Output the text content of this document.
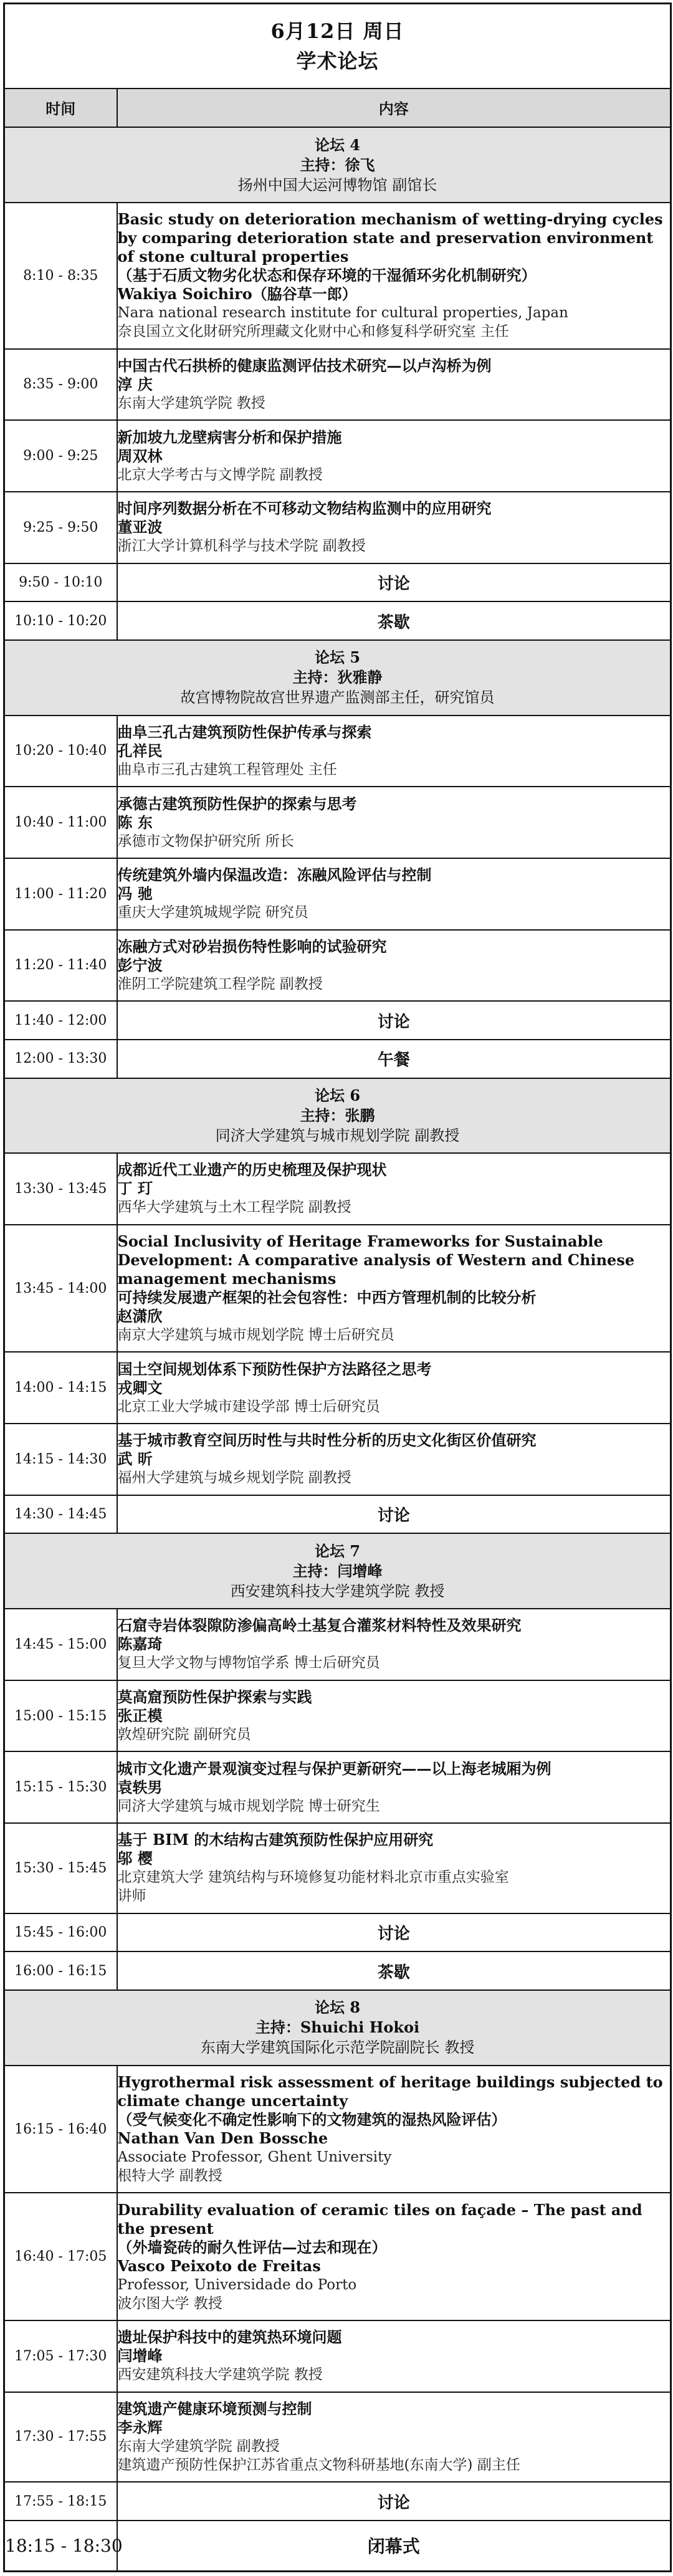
6月12日 周日
学术论坛	

时间	内容

论坛 4
主持：徐飞
扬州中国大运河博物馆 副馆长	

8:10 - 8:35	Basic study on deterioration mechanism of wetting-drying cycles by comparing deterioration state and preservation environment of stone cultural properties
（基于石质文物劣化状态和保存环境的干湿循环劣化机制研究）
Wakiya Soichiro（脇谷草一郎）
Nara national research institute for cultural properties, Japan
奈良国立文化財研究所理藏文化财中心和修复科学研究室 主任

8:35 - 9:00	中国古代石拱桥的健康监测评估技术研究—以卢沟桥为例
淳 庆
东南大学建筑学院 教授

9:00 - 9:25	新加坡九龙壁病害分析和保护措施
周双林
北京大学考古与文博学院 副教授

9:25 - 9:50	时间序列数据分析在不可移动文物结构监测中的应用研究
董亚波
浙江大学计算机科学与技术学院 副教授

9:50 - 10:10	讨论
10:10 - 10:20	茶歇

论坛 5
主持：狄雅静
故宫博物院故宫世界遗产监测部主任，研究馆员	

10:20 - 10:40	曲阜三孔古建筑预防性保护传承与探索
孔祥民
曲阜市三孔古建筑工程管理处 主任

10:40 - 11:00	承德古建筑预防性保护的探索与思考
陈 东
承德市文物保护研究所 所长

11:00 - 11:20	传统建筑外墙内保温改造：冻融风险评估与控制
冯 驰
重庆大学建筑城规学院 研究员

11:20 - 11:40	冻融方式对砂岩损伤特性影响的试验研究
彭宁波
淮阴工学院建筑工程学院 副教授

11:40 - 12:00	讨论
12:00 - 13:30	午餐

论坛 6
主持：张鹏
同济大学建筑与城市规划学院 副教授	

13:30 - 13:45	成都近代工业遗产的历史梳理及保护现状
丁 玎
西华大学建筑与土木工程学院 副教授

13:45 - 14:00	Social Inclusivity of Heritage Frameworks for Sustainable Development: A comparative analysis of Western and Chinese management mechanisms
可持续发展遗产框架的社会包容性：中西方管理机制的比较分析
赵潇欣
南京大学建筑与城市规划学院 博士后研究员

14:00 - 14:15	国土空间规划体系下预防性保护方法路径之思考
戎卿文
北京工业大学城市建设学部 博士后研究员

14:15 - 14:30	基于城市教育空间历时性与共时性分析的历史文化街区价值研究
武 昕
福州大学建筑与城乡规划学院 副教授

14:30 - 14:45	讨论

论坛 7
主持：闫增峰
西安建筑科技大学建筑学院 教授	

14:45 - 15:00	石窟寺岩体裂隙防渗偏高岭土基复合灌浆材料特性及效果研究
陈嘉琦
复旦大学文物与博物馆学系 博士后研究员

15:00 - 15:15	莫高窟预防性保护探索与实践
张正模
敦煌研究院 副研究员

15:15 - 15:30	城市文化遗产景观演变过程与保护更新研究——以上海老城厢为例
袁轶男
同济大学建筑与城市规划学院 博士研究生

15:30 - 15:45	基于 BIM 的木结构古建筑预防性保护应用研究
邬 樱
北京建筑大学 建筑结构与环境修复功能材料北京市重点实验室
讲师

15:45 - 16:00	讨论
16:00 - 16:15	茶歇

论坛 8
主持：Shuichi Hokoi
东南大学建筑国际化示范学院副院长 教授	

16:15 - 16:40	Hygrothermal risk assessment of heritage buildings subjected to climate change uncertainty
（受气候变化不确定性影响下的文物建筑的湿热风险评估）
Nathan Van Den Bossche
Associate Professor, Ghent University
根特大学 副教授

16:40 - 17:05	Durability evaluation of ceramic tiles on façade – The past and the present
（外墙瓷砖的耐久性评估—过去和现在）
Vasco Peixoto de Freitas
Professor, Universidade do Porto
波尔图大学 教授

17:05 - 17:30	遗址保护科技中的建筑热环境问题
闫增峰
西安建筑科技大学建筑学院 教授

17:30 - 17:55	建筑遗产健康环境预测与控制
李永辉
东南大学建筑学院 副教授
建筑遗产预防性保护江苏省重点文物科研基地(东南大学) 副主任

17:55 - 18:15	讨论
18:15 - 18:30	闭幕式
